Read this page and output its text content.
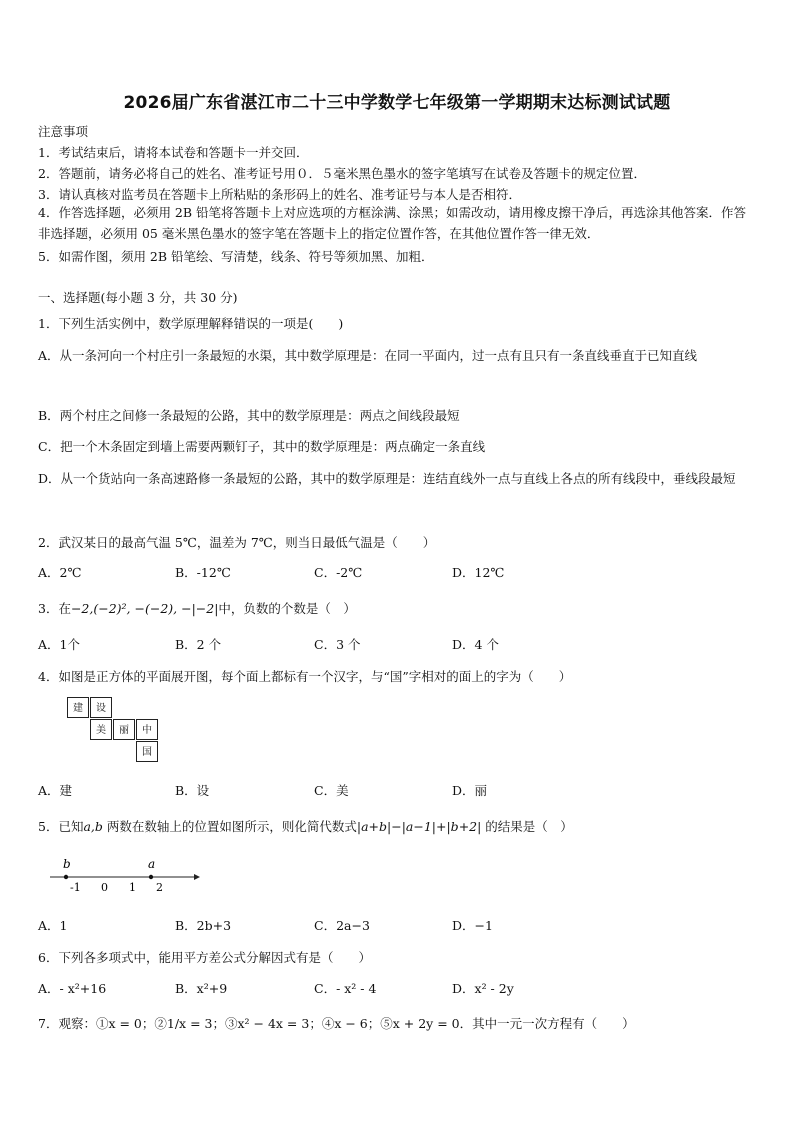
2026届广东省湛江市二十三中学数学七年级第一学期期末达标测试试题
注意事项
1．考试结束后，请将本试卷和答题卡一并交回．
2．答题前，请务必将自己的姓名、准考证号用０．５毫米黑色墨水的签字笔填写在试卷及答题卡的规定位置．
3．请认真核对监考员在答题卡上所粘贴的条形码上的姓名、准考证号与本人是否相符．
4．作答选择题，必须用 2B 铅笔将答题卡上对应选项的方框涂满、涂黑；如需改动，请用橡皮擦干净后，再选涂其他答案．作答非选择题，必须用 05 毫米黑色墨水的签字笔在答题卡上的指定位置作答，在其他位置作答一律无效．
5．如需作图，须用 2B 铅笔绘、写清楚，线条、符号等须加黑、加粗．
一、选择题(每小题 3 分，共 30 分)
1．下列生活实例中，数学原理解释错误的一项是(　　)
A．从一条河向一个村庄引一条最短的水渠，其中数学原理是：在同一平面内，过一点有且只有一条直线垂直于已知直线
B．两个村庄之间修一条最短的公路，其中的数学原理是：两点之间线段最短
C．把一个木条固定到墙上需要两颗钉子，其中的数学原理是：两点确定一条直线
D．从一个货站向一条高速路修一条最短的公路，其中的数学原理是：连结直线外一点与直线上各点的所有线段中，垂线段最短
2．武汉某日的最高气温 5℃，温差为 7℃，则当日最低气温是（　　）
A．2℃	B．-12℃	C．-2℃	D．12℃
3．在−2,(−2)², −(−2), −|−2|中，负数的个数是（　）
A．1个	B．2 个	C．3 个	D．4 个
4．如图是正方体的平面展开图，每个面上都标有一个汉字，与“国”字相对的面上的字为（　　）
建	设
美	丽	中
国
A．建	B．设	C．美	D．丽
5．已知a,b 两数在数轴上的位置如图所示，则化简代数式|a+b|−|a−1|+|b+2| 的结果是（　）
b	a
-1 0 1 2
A．1	B．2b+3	C．2a−3	D．−1
6．下列各多项式中，能用平方差公式分解因式有是（　　）
A．- x²+16	B．x²+9	C．- x² - 4	D．x² - 2y
7．观察：①x = 0；②1/x = 3；③x² − 4x = 3；④x − 6；⑤x + 2y = 0．其中一元一次方程有（　　）
